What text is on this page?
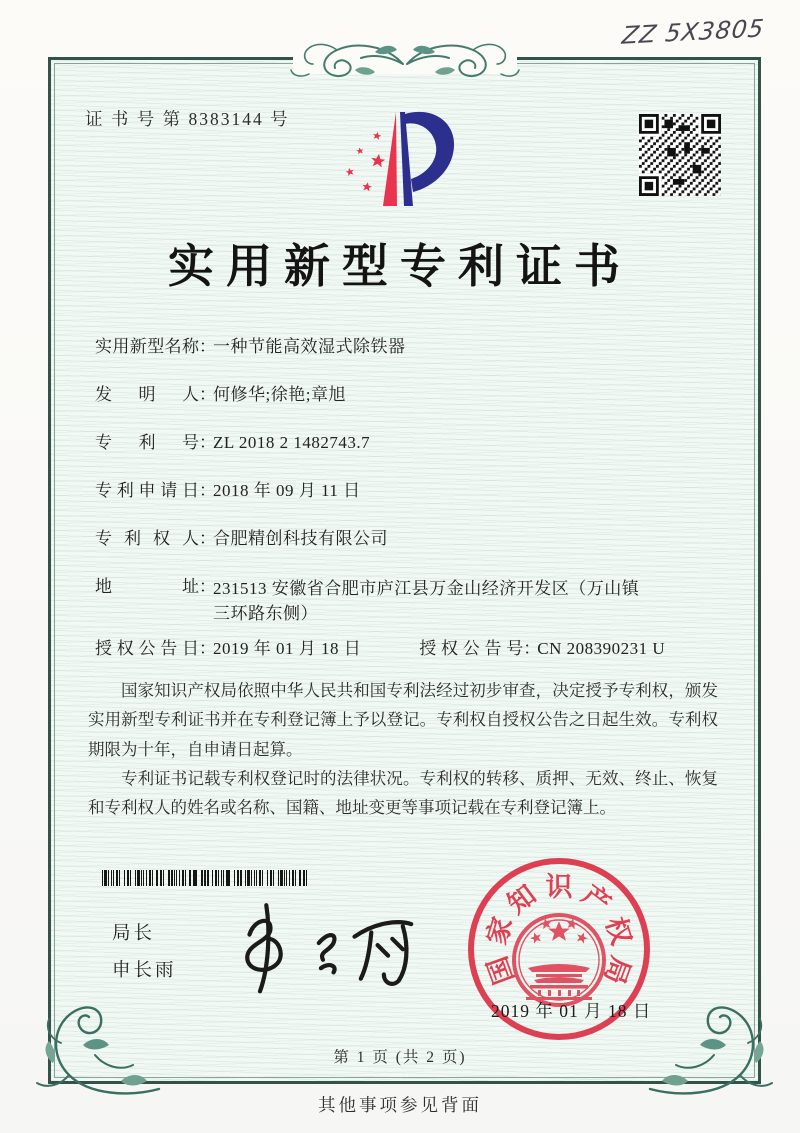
ZZ 5X3805
证 书 号 第 8383144 号
实用新型专利证书
实用新型名称：一种节能高效湿式除铁器
发明人：何修华;徐艳;章旭
专利号：ZL 2018 2 1482743.7
专利申请日：2018 年 09 月 11 日
专利权人：合肥精创科技有限公司
地址：231513 安徽省合肥市庐江县万金山经济开发区（万山镇三环路东侧）
授权公告日：2019 年 01 月 18 日	授权公告号：CN 208390231 U

国家知识产权局依照中华人民共和国专利法经过初步审查，决定授予专利权，颁发实用新型专利证书并在专利登记簿上予以登记。专利权自授权公告之日起生效。专利权期限为十年，自申请日起算。

专利证书记载专利权登记时的法律状况。专利权的转移、质押、无效、终止、恢复和专利权人的姓名或名称、国籍、地址变更等事项记载在专利登记簿上。

局长
申长雨	国
家
知 识 产
权
局
2019 年 01 月 18 日
第 1 页 (共 2 页)
其他事项参见背面
